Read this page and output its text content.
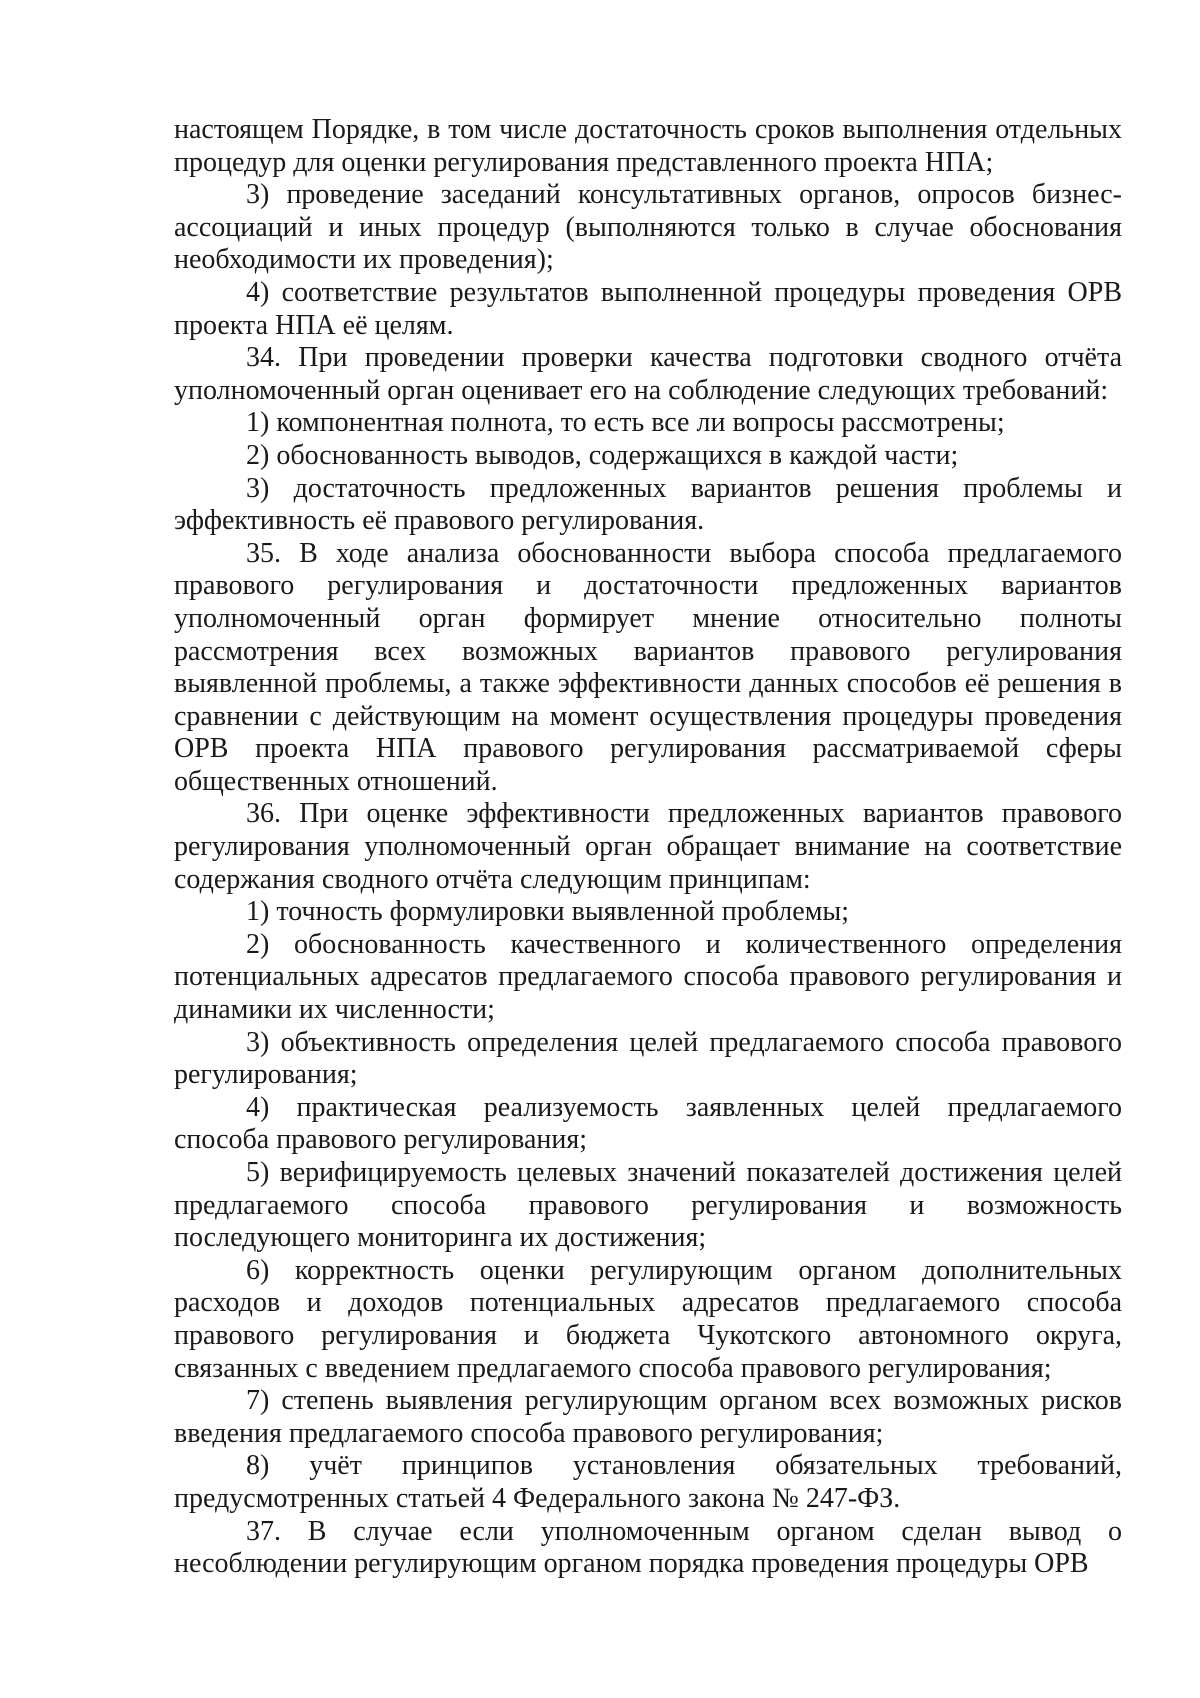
настоящем Порядке, в том числе достаточность сроков выполнения отдельных процедур для оценки регулирования представленного проекта НПА;

3) проведение заседаний консультативных органов, опросов бизнес-ассоциаций и иных процедур (выполняются только в случае обоснования необходимости их проведения);

4) соответствие результатов выполненной процедуры проведения ОРВ проекта НПА её целям.

34. При проведении проверки качества подготовки сводного отчёта уполномоченный орган оценивает его на соблюдение следующих требований:

1) компонентная полнота, то есть все ли вопросы рассмотрены;

2) обоснованность выводов, содержащихся в каждой части;

3) достаточность предложенных вариантов решения проблемы и эффективность её правового регулирования.

35. В ходе анализа обоснованности выбора способа предлагаемого правового регулирования и достаточности предложенных вариантов уполномоченный орган формирует мнение относительно полноты рассмотрения всех возможных вариантов правового регулирования выявленной проблемы, а также эффективности данных способов её решения в сравнении с действующим на момент осуществления процедуры проведения ОРВ проекта НПА правового регулирования рассматриваемой сферы общественных отношений.

36. При оценке эффективности предложенных вариантов правового регулирования уполномоченный орган обращает внимание на соответствие содержания сводного отчёта следующим принципам:

1) точность формулировки выявленной проблемы;

2) обоснованность качественного и количественного определения потенциальных адресатов предлагаемого способа правового регулирования и динамики их численности;

3) объективность определения целей предлагаемого способа правового регулирования;

4) практическая реализуемость заявленных целей предлагаемого способа правового регулирования;

5) верифицируемость целевых значений показателей достижения целей предлагаемого способа правового регулирования и возможность последующего мониторинга их достижения;

6) корректность оценки регулирующим органом дополнительных расходов и доходов потенциальных адресатов предлагаемого способа правового регулирования и бюджета Чукотского автономного округа, связанных с введением предлагаемого способа правового регулирования;

7) степень выявления регулирующим органом всех возможных рисков введения предлагаемого способа правового регулирования;

8) учёт принципов установления обязательных требований, предусмотренных статьей 4 Федерального закона № 247-ФЗ.

37. В случае если уполномоченным органом сделан вывод о несоблюдении регулирующим органом порядка проведения процедуры ОРВ
